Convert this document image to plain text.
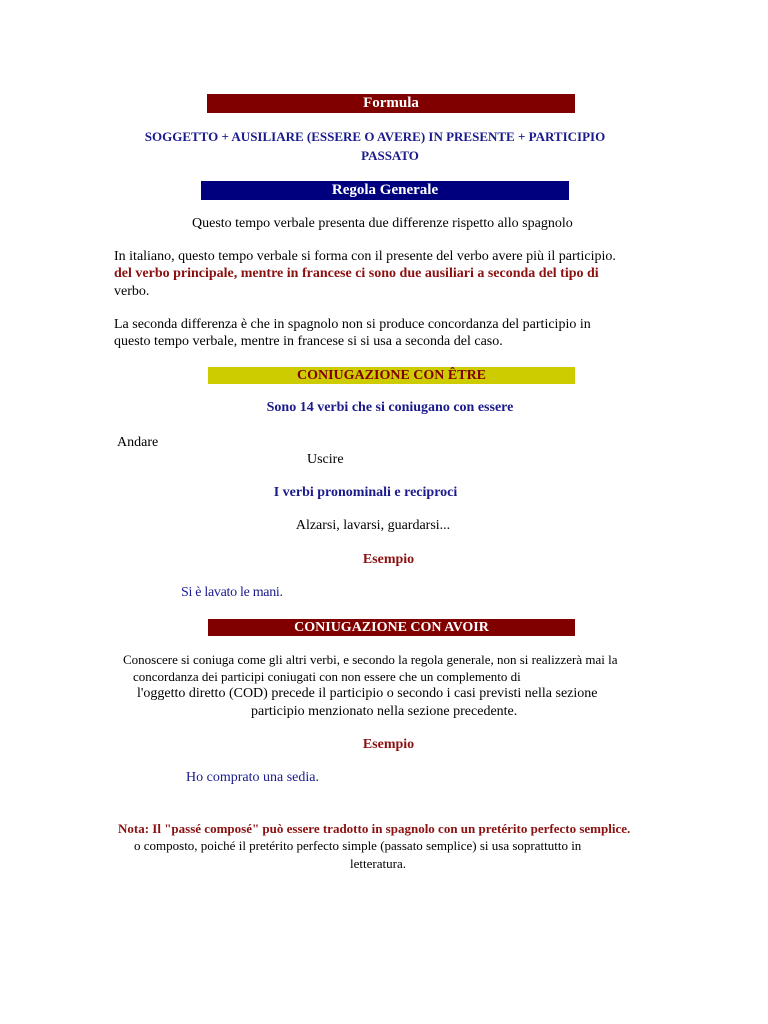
Formula
SOGGETTO + AUSILIARE (ESSERE O AVERE) IN PRESENTE + PARTICIPIO
PASSATO
Regola Generale
Questo tempo verbale presenta due differenze rispetto allo spagnolo
In italiano, questo tempo verbale si forma con il presente del verbo avere più il participio.
del verbo principale, mentre in francese ci sono due ausiliari a seconda del tipo di
verbo.
La seconda differenza è che in spagnolo non si produce concordanza del participio in
questo tempo verbale, mentre in francese si si usa a seconda del caso.
CONIUGAZIONE CON ÊTRE
Sono 14 verbi che si coniugano con essere
Andare
Uscire
I verbi pronominali e reciproci
Alzarsi, lavarsi, guardarsi...
Esempio
Si è lavato le mani.
CONIUGAZIONE CON AVOIR
Conoscere si coniuga come gli altri verbi, e secondo la regola generale, non si realizzerà mai la
concordanza dei participi coniugati con non essere che un complemento di
l'oggetto diretto (COD) precede il participio o secondo i casi previsti nella sezione
participio menzionato nella sezione precedente.
Esempio
Ho comprato una sedia.
Nota: Il "passé composé" può essere tradotto in spagnolo con un pretérito perfecto semplice.
o composto, poiché il pretérito perfecto simple (passato semplice) si usa soprattutto in
letteratura.
